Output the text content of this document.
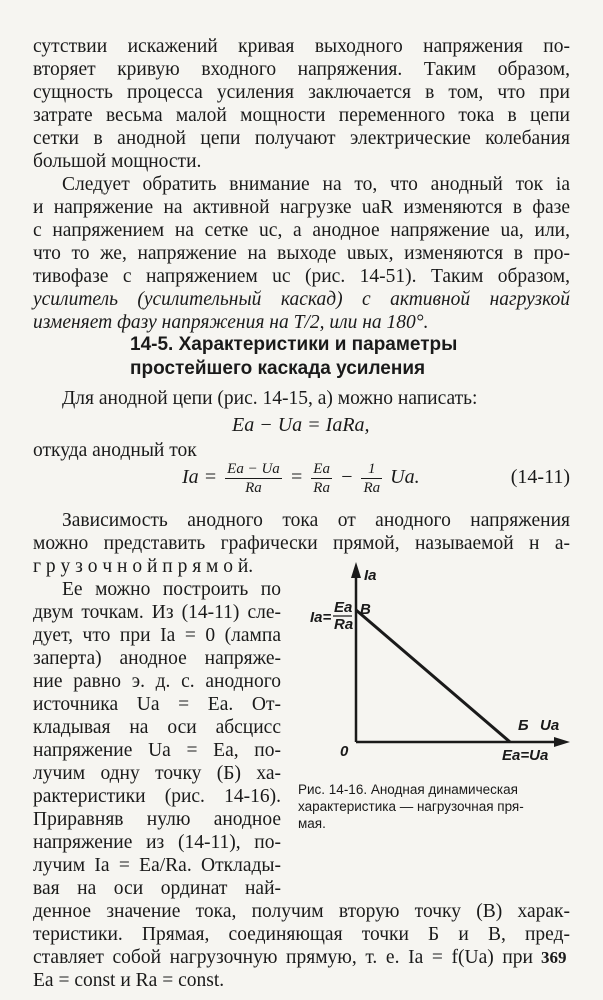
сутствии искажений кривая выходного напряжения по-
вторяет кривую входного напряжения. Таким образом,
сущность процесса усиления заключается в том, что при
затрате весьма малой мощности переменного тока в цепи
сетки в анодной цепи получают электрические колебания
большой мощности.
Следует обратить внимание на то, что анодный ток iа
и напряжение на активной нагрузке uaR изменяются в фазе
с напряжением на сетке uс, а анодное напряжение uа, или,
что то же, напряжение на выходе uвых, изменяются в про-
тивофазе с напряжением uс (рис. 14-51). Таким образом,
усилитель (усилительный каскад) с активной нагрузкой
изменяет фазу напряжения на T/2, или на 180°.
14-5. Характеристики и параметры
простейшего каскада усиления
Для анодной цепи (рис. 14-15, а) можно написать:
Eа − Uа = IаRа,
откуда анодный ток
Iа = $\frac{Eа - Uа}{Rа} = \frac{Eа}{Rа} - \frac{1}{Rа}$ Uа.	(14-11)
Зависимость анодного тока от анодного напряжения
можно представить графически прямой, называемой н а-
г р у з о ч н о й п р я м о й.
Ее можно построить по
двум точкам. Из (14-11) сле-
дует, что при Iа = 0 (лампа
заперта) анодное напряже-
ние равно э. д. с. анодного
источника Uа = Eа. От-
кладывая на оси абсцисс
напряжение Uа = Eа, по-
лучим одну точку (Б) ха-
рактеристики (рис. 14-16).
Приравняв нулю анодное
напряжение из (14-11), по-
лучим Iа = Eа/Rа. Отклады-
вая на оси ординат най-
денное значение тока, получим вторую точку (В) харак-
теристики. Прямая, соединяющая точки Б и В, пред-
ставляет собой нагрузочную прямую, т. е. Iа = f(Uа) при
Eа = const и Rа = const.
Ia
Ua
0
В
Б
Ia=
Ea
Ra
Ea=Ua
Рис. 14-16. Анодная динамическая
характеристика — нагрузочная пря-
мая.
369
